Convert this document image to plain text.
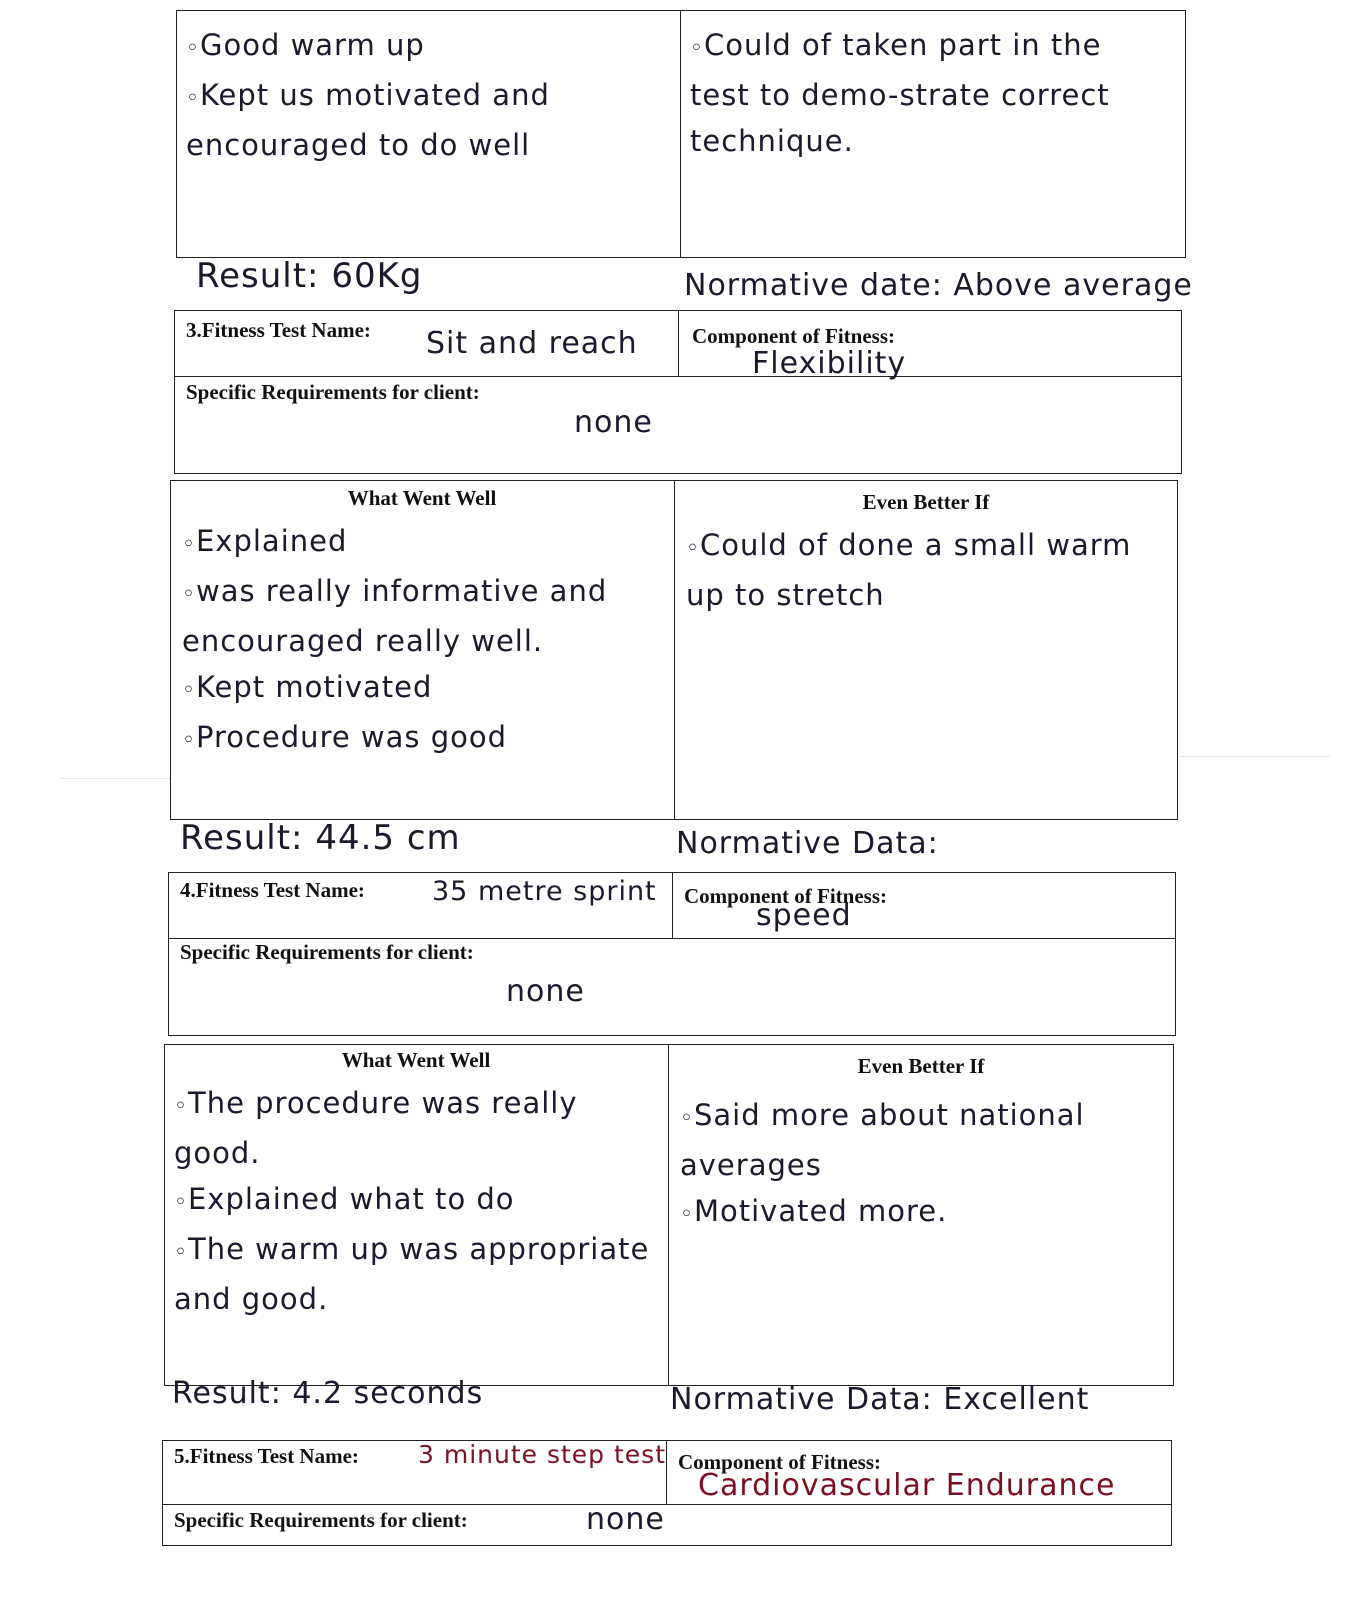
◦ Good warm up
◦ Kept us motivated and encouraged to do well
◦ Could of taken part in the test to demo-strate correct technique.
Result: 60Kg	Normative date: Above average
3.Fitness Test Name: Sit and reach	Component of Fitness:
Flexibility
Specific Requirements for client:
none
What Went Well	Even Better If
◦ Explained
◦ was really informative and encouraged really well.
◦ Kept motivated
◦ Procedure was good
◦ Could of done a small warm up to stretch
Result: 44.5 cm	Normative Data:
4.Fitness Test Name: 35 metre sprint Component of Fitness:
speed
Specific Requirements for client:
none
What Went Well	Even Better If
◦ The procedure was really good.
◦ Explained what to do
◦ The warm up was appropriate and good.
◦ Said more about national averages
◦ Motivated more.
Result: 4.2 seconds	Normative Data: Excellent
5.Fitness Test Name: 3 minute step test Component of Fitness:
Cardiovascular Endurance
Specific Requirements for client:	none
